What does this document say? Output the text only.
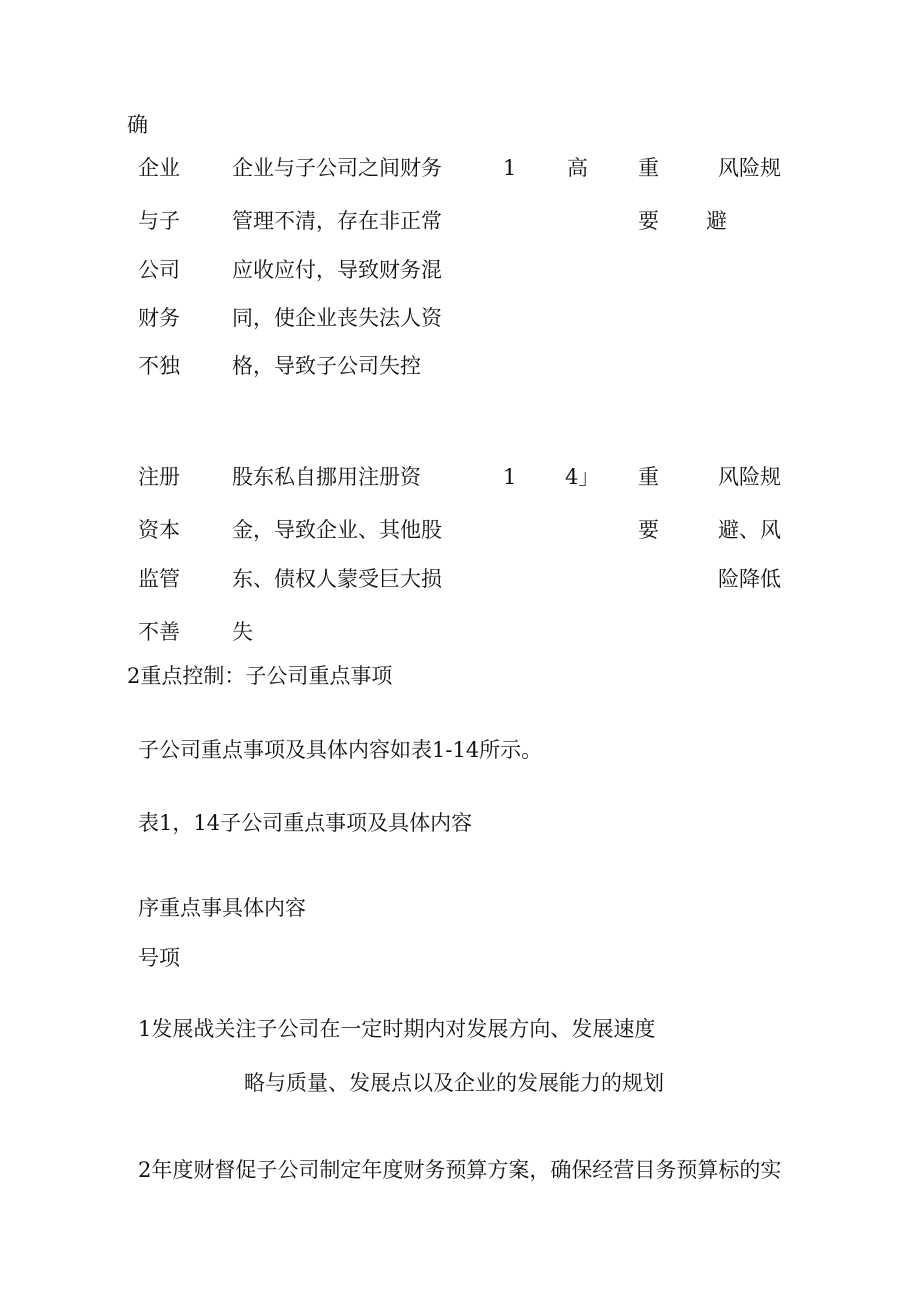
确
企业
与子
公司
财务
不独
企业与子公司之间财务
管理不清，存在非正常
应收应付，导致财务混
同，使企业丧失法人资
格，导致子公司失控
1 高 重
要
风险规
避
注册
资本
监管
不善
股东私自挪用注册资
金，导致企业、其他股
东、债权人蒙受巨大损
失
1 4」 重
要
风险规
避、风
险降低
2重点控制：子公司重点事项
子公司重点事项及具体内容如表1-14所示。
表1，14子公司重点事项及具体内容
序重点事具体内容
号项
1发展战关注子公司在一定时期内对发展方向、发展速度
略与质量、发展点以及企业的发展能力的规划
2年度财督促子公司制定年度财务预算方案，确保经营目务预算标的实
